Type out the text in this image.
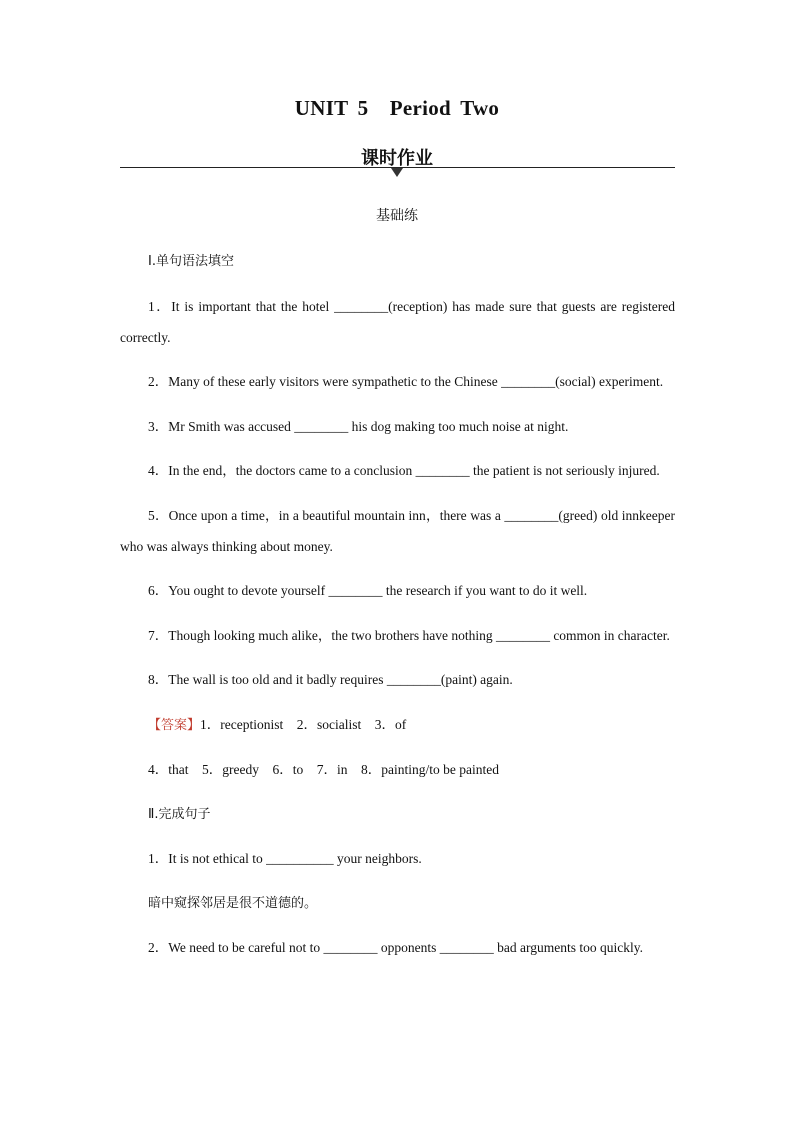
UNIT 5 Period Two
课时作业
基础练

Ⅰ.单句语法填空

1．It is important that the hotel ________(reception) has made sure that guests are registered correctly.

2．Many of these early visitors were sympathetic to the Chinese ________(social) experiment.

3．Mr Smith was accused ________ his dog making too much noise at night.

4．In the end，the doctors came to a conclusion ________ the patient is not seriously injured.

5．Once upon a time，in a beautiful mountain inn，there was a ________(greed) old innkeeper who was always thinking about money.

6．You ought to devote yourself ________ the research if you want to do it well.

7．Though looking much alike，the two brothers have nothing ________ common in character.

8．The wall is too old and it badly requires ________(paint) again.

【答案】1．receptionist 2．socialist 3．of

4．that 5．greedy 6．to 7．in 8．painting/to be painted

Ⅱ.完成句子

1．It is not ethical to __________ your neighbors.

暗中窥探邻居是很不道德的。

2．We need to be careful not to ________ opponents ________ bad arguments too quickly.
